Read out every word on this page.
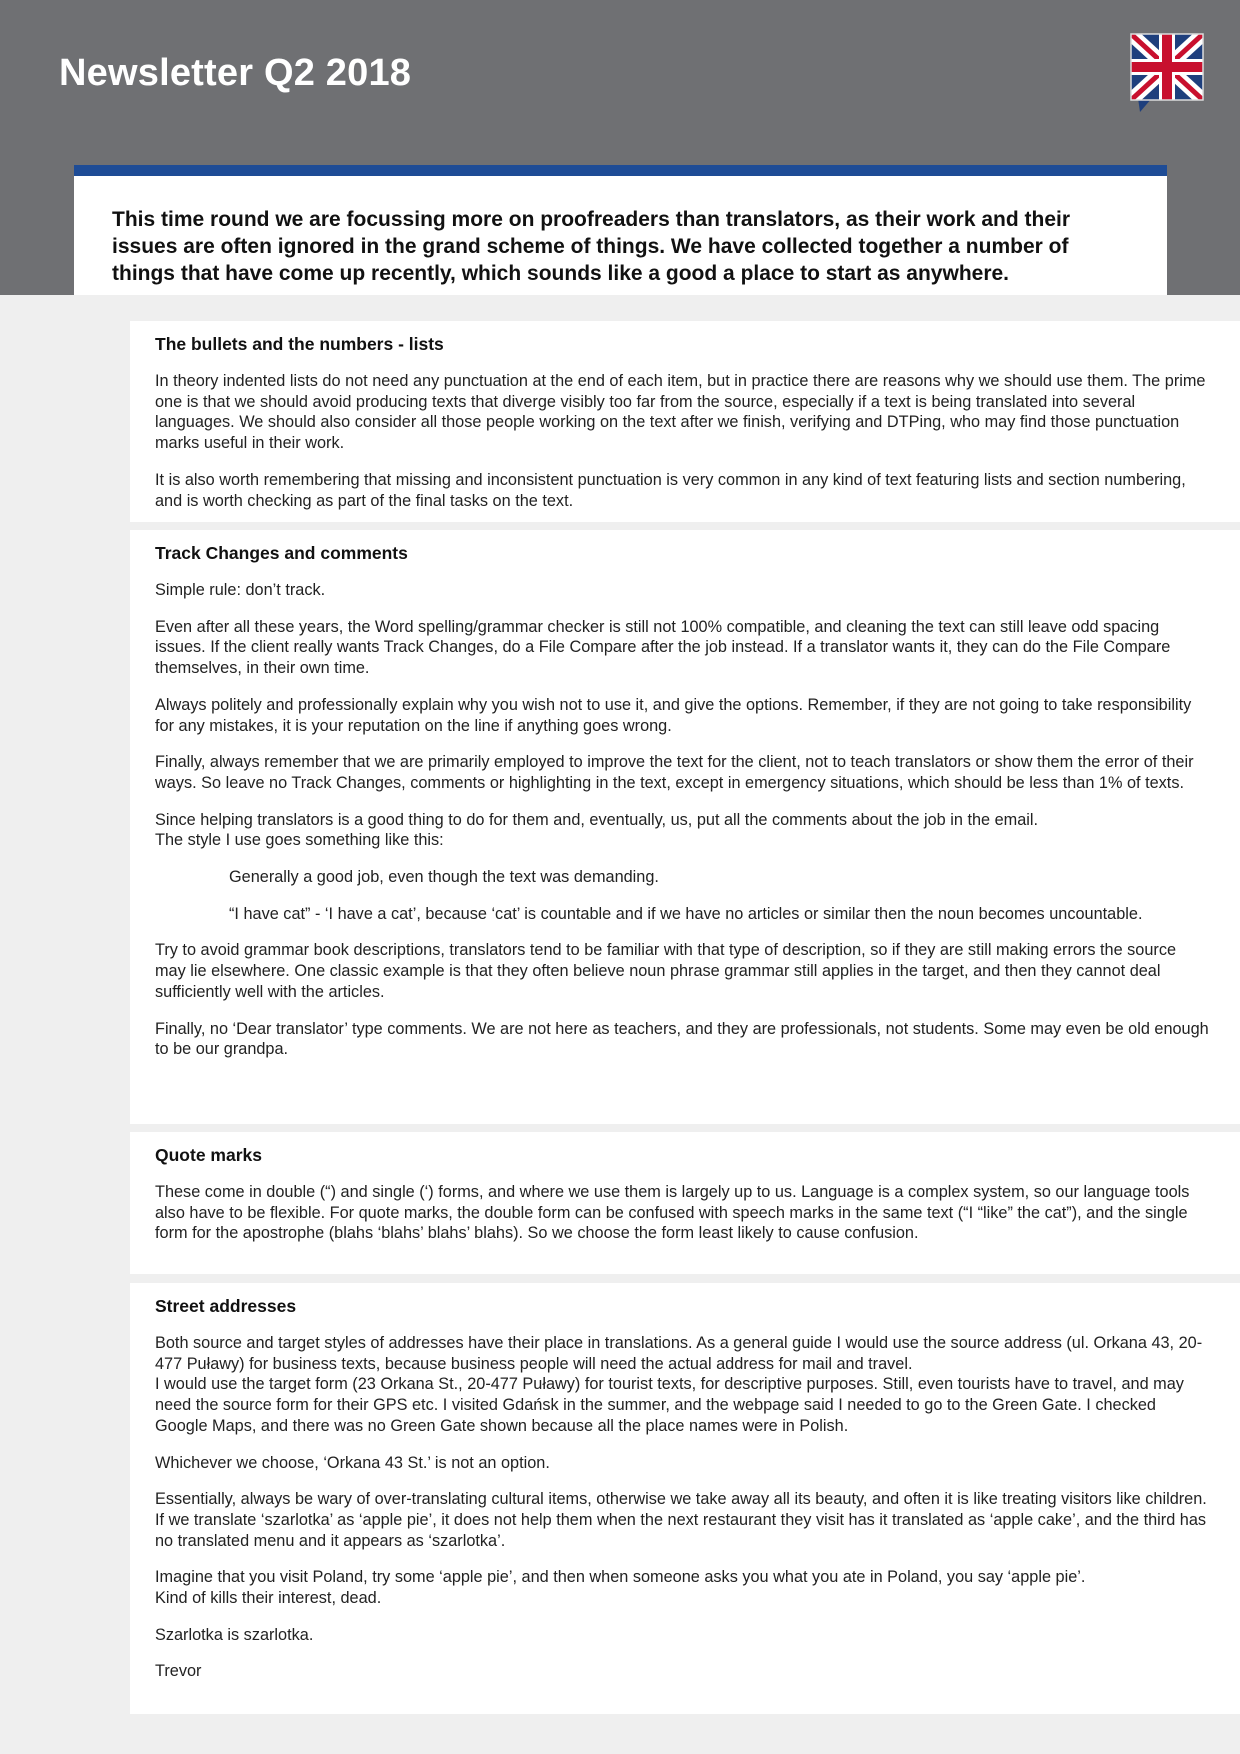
Newsletter Q2 2018

This time round we are focussing more on proofreaders than translators, as their work and their issues are often ignored in the grand scheme of things. We have collected together a number of things that have come up recently, which sounds like a good a place to start as anywhere.

The bullets and the numbers - lists

In theory indented lists do not need any punctuation at the end of each item, but in practice there are reasons why we should use them. The prime one is that we should avoid producing texts that diverge visibly too far from the source, especially if a text is being translated into several languages. We should also consider all those people working on the text after we finish, verifying and DTPing, who may find those punctuation marks useful in their work.

It is also worth remembering that missing and inconsistent punctuation is very common in any kind of text featuring lists and section numbering, and is worth checking as part of the final tasks on the text.

Track Changes and comments

Simple rule: don’t track.

Even after all these years, the Word spelling/grammar checker is still not 100% compatible, and cleaning the text can still leave odd spacing issues. If the client really wants Track Changes, do a File Compare after the job instead. If a translator wants it, they can do the File Compare themselves, in their own time.

Always politely and professionally explain why you wish not to use it, and give the options. Remember, if they are not going to take responsibility for any mistakes, it is your reputation on the line if anything goes wrong.

Finally, always remember that we are primarily employed to improve the text for the client, not to teach translators or show them the error of their ways. So leave no Track Changes, comments or highlighting in the text, except in emergency situations, which should be less than 1% of texts.

Since helping translators is a good thing to do for them and, eventually, us, put all the comments about the job in the email.

The style I use goes something like this:

Generally a good job, even though the text was demanding.

“I have cat” - ‘I have a cat’, because ‘cat’ is countable and if we have no articles or similar then the noun becomes uncountable.

Try to avoid grammar book descriptions, translators tend to be familiar with that type of description, so if they are still making errors the source may lie elsewhere. One classic example is that they often believe noun phrase grammar still applies in the target, and then they cannot deal sufficiently well with the articles.

Finally, no ‘Dear translator’ type comments. We are not here as teachers, and they are professionals, not students. Some may even be old enough to be our grandpa.

Quote marks

These come in double (“) and single (‘) forms, and where we use them is largely up to us. Language is a complex system, so our language tools also have to be flexible. For quote marks, the double form can be confused with speech marks in the same text (“I “like” the cat”), and the single form for the apostrophe (blahs ‘blahs’ blahs’ blahs). So we choose the form least likely to cause confusion.

Street addresses

Both source and target styles of addresses have their place in translations. As a general guide I would use the source address (ul. Orkana 43, 20-477 Puławy) for business texts, because business people will need the actual address for mail and travel.

I would use the target form (23 Orkana St., 20-477 Puławy) for tourist texts, for descriptive purposes. Still, even tourists have to travel, and may need the source form for their GPS etc. I visited Gdańsk in the summer, and the webpage said I needed to go to the Green Gate. I checked Google Maps, and there was no Green Gate shown because all the place names were in Polish.

Whichever we choose, ‘Orkana 43 St.’ is not an option.

Essentially, always be wary of over-translating cultural items, otherwise we take away all its beauty, and often it is like treating visitors like children. If we translate ‘szarlotka’ as ‘apple pie’, it does not help them when the next restaurant they visit has it translated as ‘apple cake’, and the third has no translated menu and it appears as ‘szarlotka’.

Imagine that you visit Poland, try some ‘apple pie’, and then when someone asks you what you ate in Poland, you say ‘apple pie’.

Kind of kills their interest, dead.

Szarlotka is szarlotka.

Trevor
